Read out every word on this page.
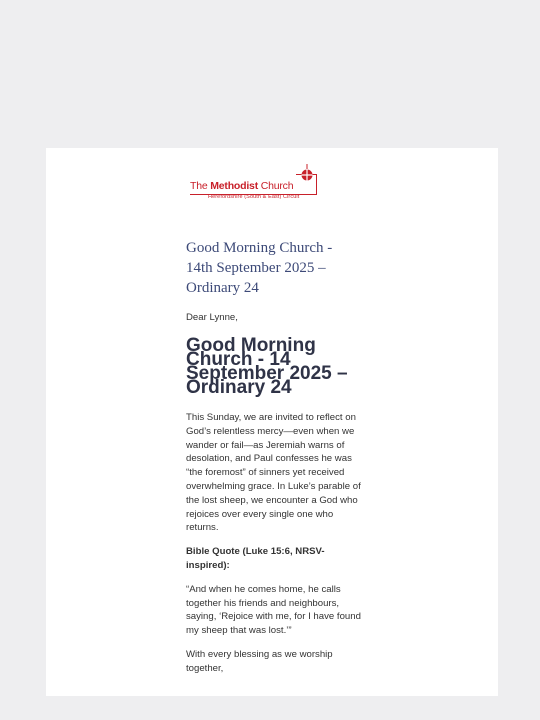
The Methodist Church
Herefordshire (South & East) Circuit

Good Morning Church - 14th September 2025 – Ordinary 24

Dear Lynne,

Good Morning Church - 14 September 2025 – Ordinary 24

This Sunday, we are invited to reflect on God’s relentless mercy—even when we wander or fail—as Jeremiah warns of desolation, and Paul confesses he was “the foremost” of sinners yet received overwhelming grace. In Luke’s parable of the lost sheep, we encounter a God who rejoices over every single one who returns.

Bible Quote (Luke 15:6, NRSV-inspired):

“And when he comes home, he calls together his friends and neighbours, saying, ‘Rejoice with me, for I have found my sheep that was lost.’”

With every blessing as we worship together,
